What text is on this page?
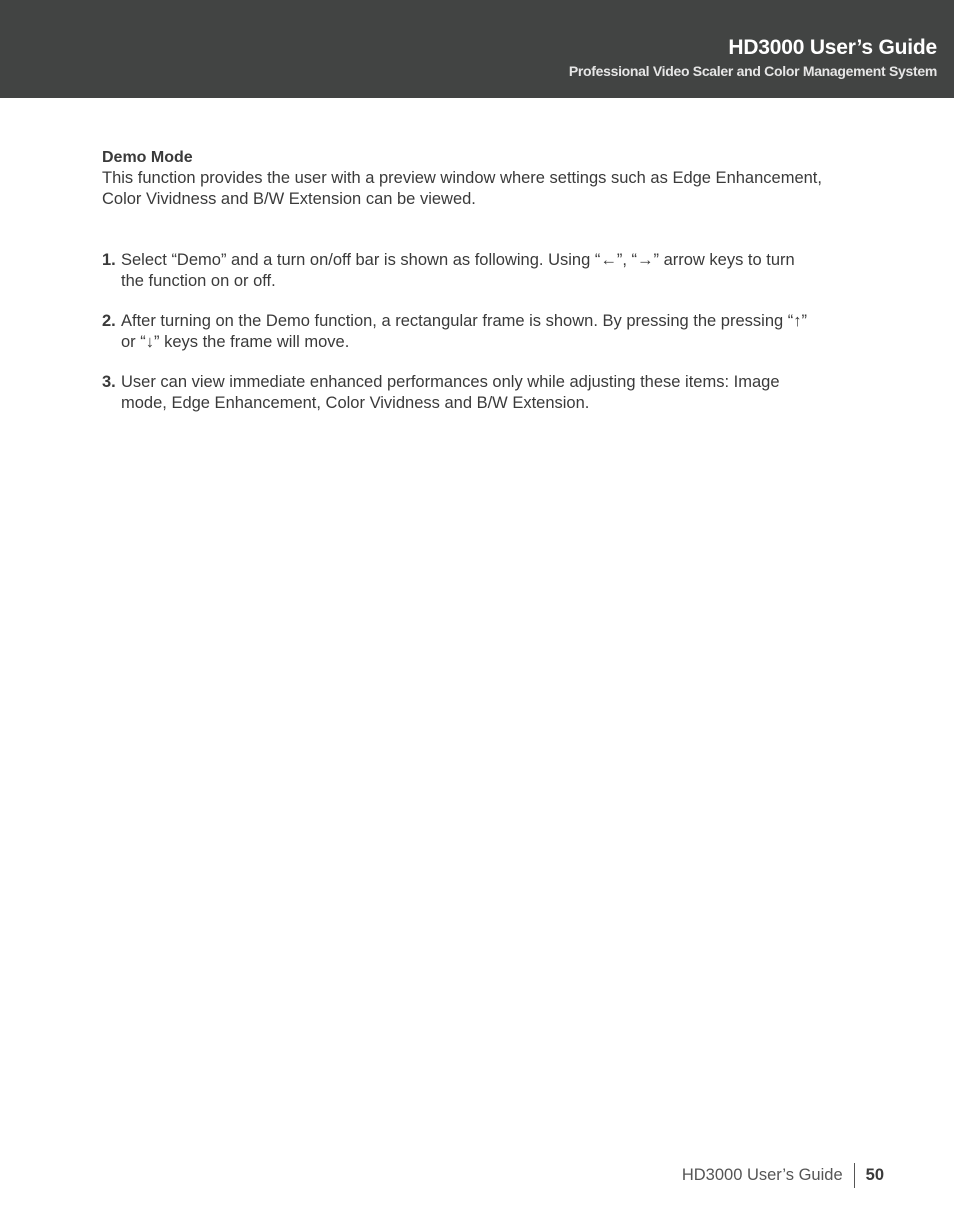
HD3000 User’s Guide
Professional Video Scaler and Color Management System
Demo Mode

This function provides the user with a preview window where settings such as Edge Enhancement, Color Vividness and B/W Extension can be viewed.

1. Select “Demo” and a turn on/off bar is shown as following. Using “←”, “→” arrow keys to turn the function on or off.
2. After turning on the Demo function, a rectangular frame is shown. By pressing the pressing “↑” or “↓” keys the frame will move.
3. User can view immediate enhanced performances only while adjusting these items: Image mode, Edge Enhancement, Color Vividness and B/W Extension.
HD3000 User’s Guide 50
